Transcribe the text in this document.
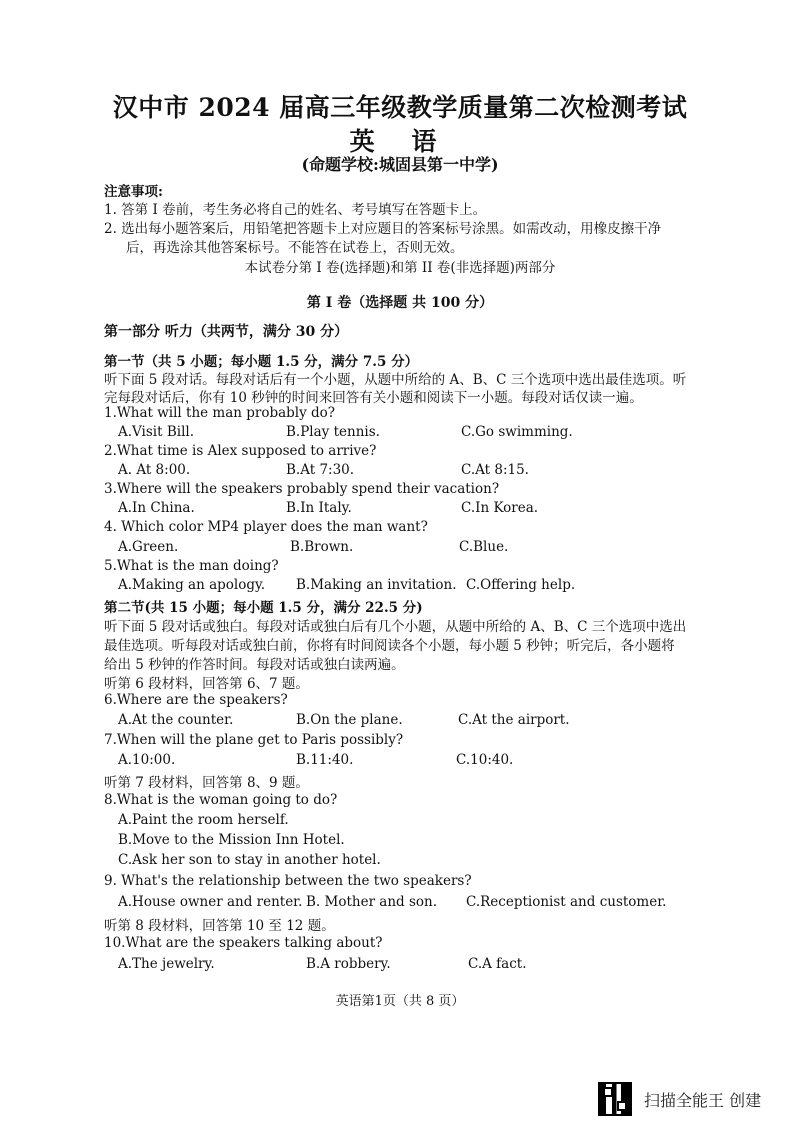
汉中市 2024 届高三年级教学质量第二次检测考试
英 语
(命题学校:城固县第一中学)
注意事项:
1. 答第 I 卷前，考生务必将自己的姓名、考号填写在答题卡上。
2. 选出每小题答案后，用铅笔把答题卡上对应题目的答案标号涂黑。如需改动，用橡皮擦干净
后，再选涂其他答案标号。不能答在试卷上，否则无效。
本试卷分第 I 卷(选择题)和第 II 卷(非选择题)两部分
第 I 卷（选择题 共 100 分）
第一部分 听力（共两节，满分 30 分）
第一节（共 5 小题；每小题 1.5 分，满分 7.5 分）
听下面 5 段对话。每段对话后有一个小题，从题中所给的 A、B、C 三个选项中选出最佳选项。听
完每段对话后，你有 10 秒钟的时间来回答有关小题和阅读下一小题。每段对话仅读一遍。
1.What will the man probably do?
A.Visit Bill.	B.Play tennis.	C.Go swimming.
2.What time is Alex supposed to arrive?
A. At 8:00.	B.At 7:30.	C.At 8:15.
3.Where will the speakers probably spend their vacation?
A.In China.	B.In Italy.	C.In Korea.
4. Which color MP4 player does the man want?
A.Green.	B.Brown.	C.Blue.
5.What is the man doing?
A.Making an apology. B.Making an invitation. C.Offering help.
第二节(共 15 小题；每小题 1.5 分，满分 22.5 分)
听下面 5 段对话或独白。每段对话或独白后有几个小题，从题中所给的 A、B、C 三个选项中选出
最佳选项。听每段对话或独白前，你将有时间阅读各个小题，每小题 5 秒钟；听完后，各小题将
给出 5 秒钟的作答时间。每段对话或独白读两遍。
听第 6 段材料，回答第 6、7 题。
6.Where are the speakers?
A.At the counter.	B.On the plane.	C.At the airport.
7.When will the plane get to Paris possibly?
A.10:00.	B.11:40.	C.10:40.
听第 7 段材料，回答第 8、9 题。
8.What is the woman going to do?
A.Paint the room herself.
B.Move to the Mission Inn Hotel.
C.Ask her son to stay in another hotel.
9. What's the relationship between the two speakers?
A.House owner and renter. B. Mother and son. C.Receptionist and customer.
听第 8 段材料，回答第 10 至 12 题。
10.What are the speakers talking about?
A.The jewelry.	B.A robbery.	C.A fact.
英语第1页（共 8 页）
扫描全能王 创建
